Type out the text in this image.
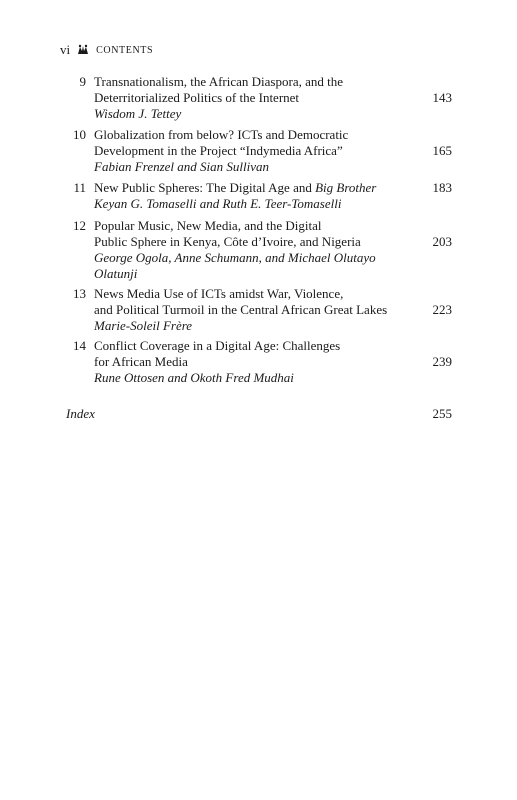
vi	CONTENTS
9 Transnationalism, the African Diaspora, and the
Deterritorialized Politics of the Internet
Wisdom J. Tettey
143
10 Globalization from below? ICTs and Democratic
Development in the Project “Indymedia Africa”
Fabian Frenzel and Sian Sullivan
165
11 New Public Spheres: The Digital Age and Big Brother
Keyan G. Tomaselli and Ruth E. Teer-Tomaselli
183
12 Popular Music, New Media, and the Digital
Public Sphere in Kenya, Côte d’Ivoire, and Nigeria
George Ogola, Anne Schumann, and Michael Olutayo
Olatunji
203
13 News Media Use of ICTs amidst War, Violence,
and Political Turmoil in the Central African Great Lakes
Marie-Soleil Frère
223
14 Conflict Coverage in a Digital Age: Challenges
for African Media
Rune Ottosen and Okoth Fred Mudhai
239
Index	255
